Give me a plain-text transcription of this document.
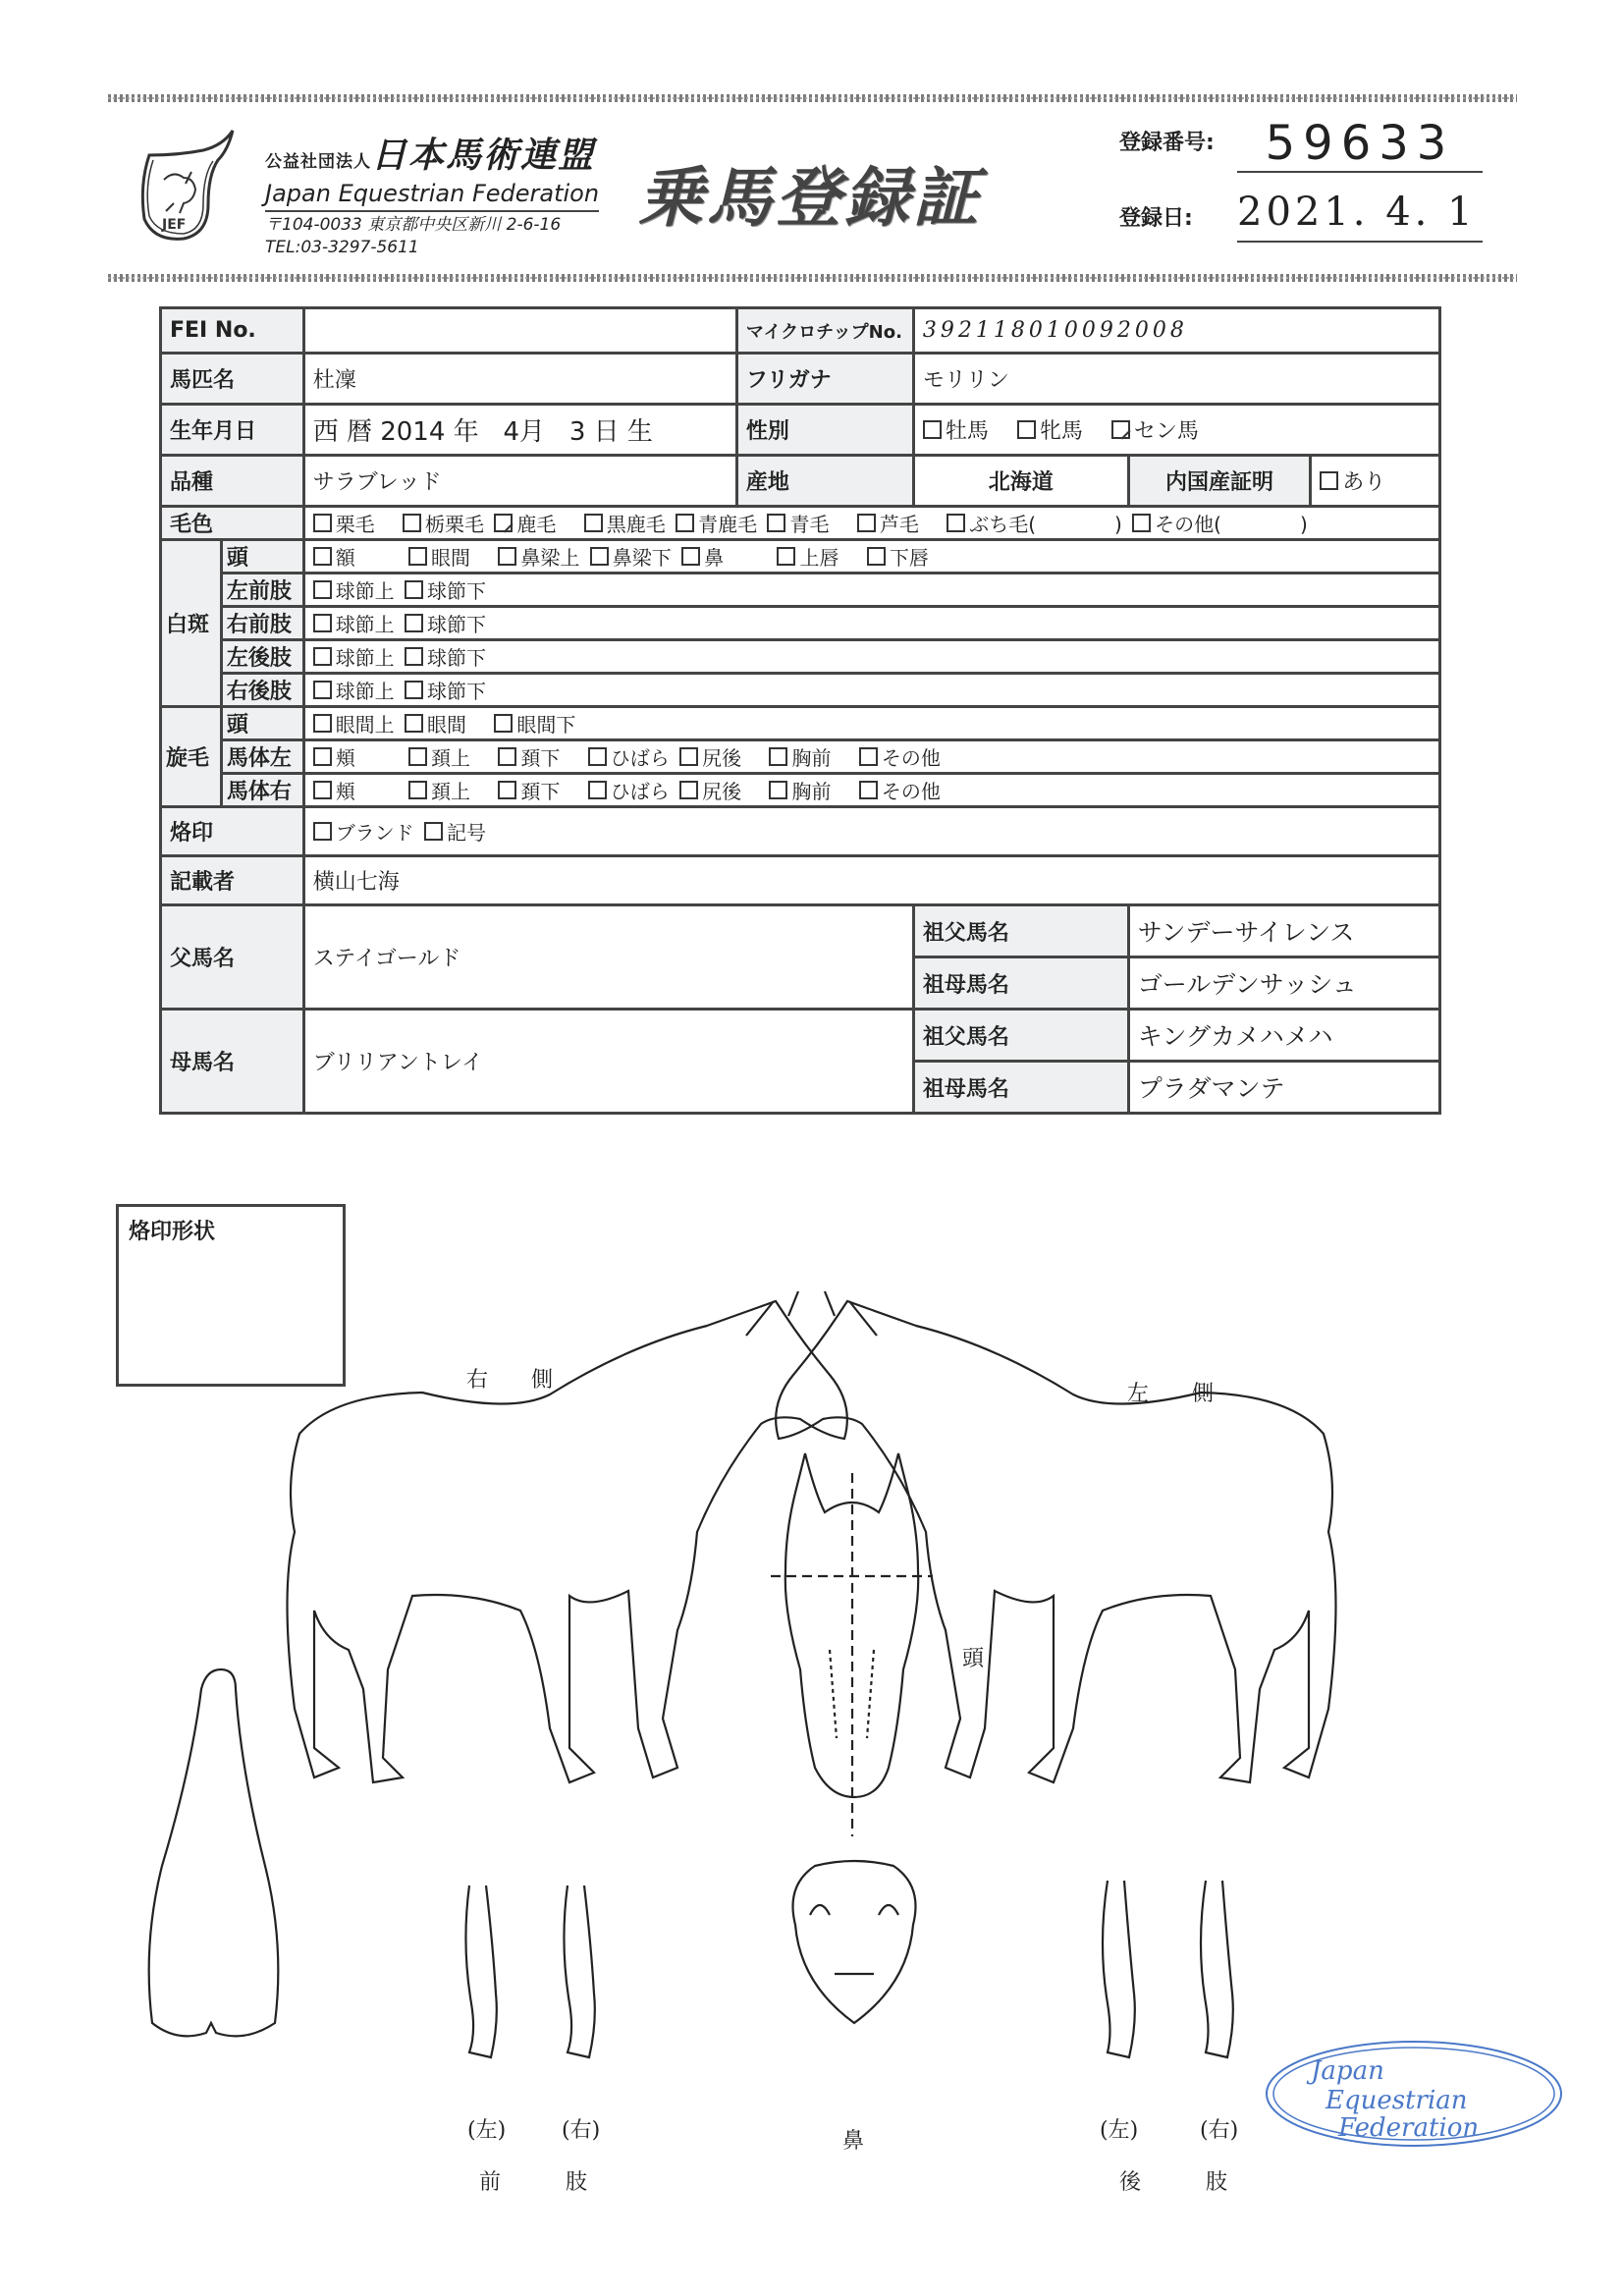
JEF
公益社団法人日本馬術連盟
Japan Equestrian Federation
〒104-0033 東京都中央区新川 2-6-16
TEL:03-3297-5611
乗馬登録証
登録番号:	59633
登録日: 2021. 4. 1
FEI No.			マイクロチップNo.	392118010092008		
馬匹名		杜凜	フリガナ	モリリン		
生年月日		西 暦 2014 年 4月 3 日 生	性別	牡馬 牝馬 セン馬		
品種		サラブレッド	産地	北海道	内国産証明	あり
毛色		栗毛 栃栗毛 鹿毛 黒鹿毛 青鹿毛 青毛 芦毛 ぶち毛(　　　　) その他(　　　　)				
白斑	頭	額 眼間 鼻梁上 鼻梁下 鼻 上唇 下唇				
	左前肢	球節上 球節下				
	右前肢	球節上 球節下				
	左後肢	球節上 球節下				
	右後肢	球節上 球節下				
旋毛	頭	眼間上 眼間 眼間下				
	馬体左	頬 頚上 頚下 ひばら 尻後 胸前 その他				
	馬体右	頬 頚上 頚下 ひばら 尻後 胸前 その他				
烙印		ブランド 記号				
記載者		横山七海				
父馬名		ステイゴールド		祖父馬名	サンデーサイレンス	
				祖母馬名	ゴールデンサッシュ	
母馬名		ブリリアントレイ		祖父馬名	キングカメハメハ	
				祖母馬名	プラダマンテ	
烙印形状
右　　側
左　　側
頭
(左)	(右)
前　　　肢
鼻	(左)	(右)
後　　　肢
Japan
Equestrian
Federation
